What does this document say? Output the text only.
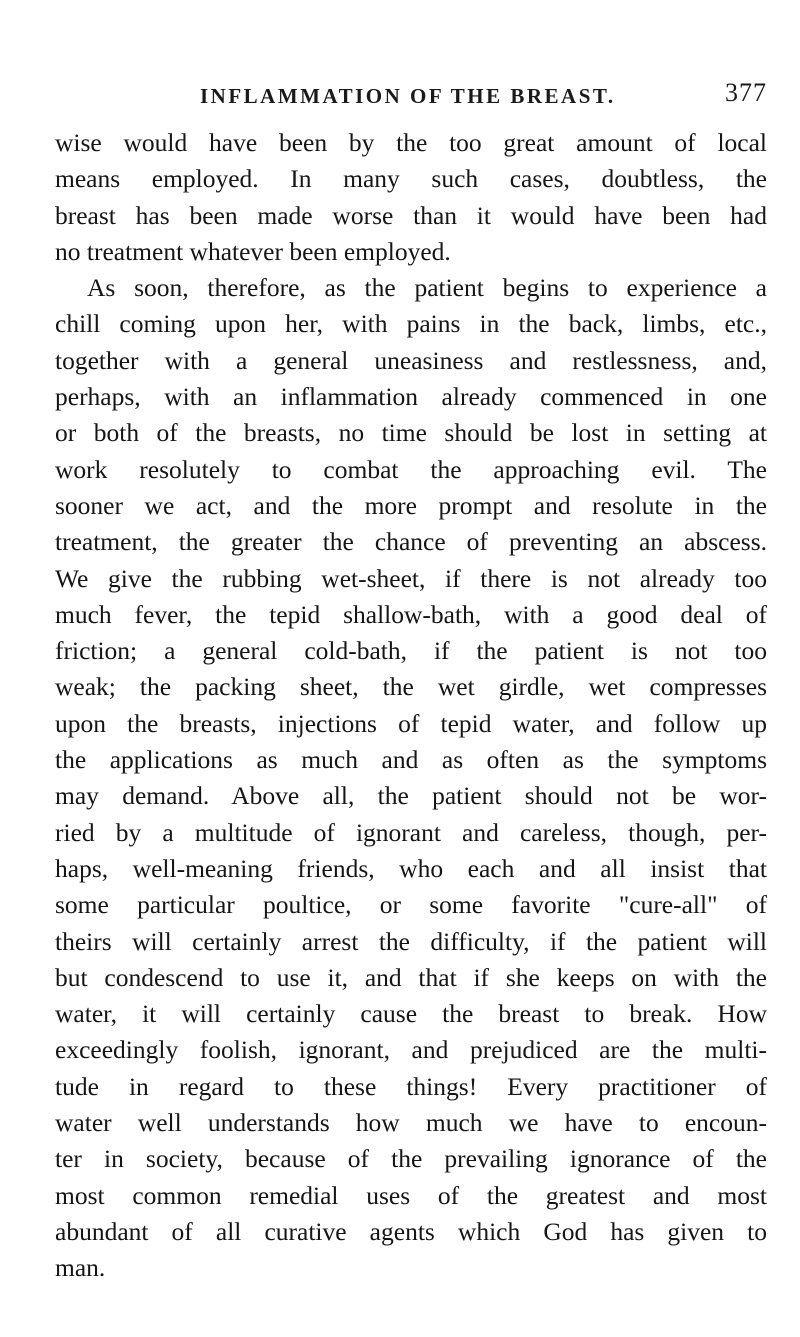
INFLAMMATION OF THE BREAST.	377
wise would have been by the too great amount of local
means employed. In many such cases, doubtless, the
breast has been made worse than it would have been had
no treatment whatever been employed.
As soon, therefore, as the patient begins to experience a
chill coming upon her, with pains in the back, limbs, etc.,
together with a general uneasiness and restlessness, and,
perhaps, with an inflammation already commenced in one
or both of the breasts, no time should be lost in setting at
work resolutely to combat the approaching evil. The
sooner we act, and the more prompt and resolute in the
treatment, the greater the chance of preventing an abscess.
We give the rubbing wet-sheet, if there is not already too
much fever, the tepid shallow-bath, with a good deal of
friction; a general cold-bath, if the patient is not too
weak; the packing sheet, the wet girdle, wet compresses
upon the breasts, injections of tepid water, and follow up
the applications as much and as often as the symptoms
may demand. Above all, the patient should not be wor-
ried by a multitude of ignorant and careless, though, per-
haps, well-meaning friends, who each and all insist that
some particular poultice, or some favorite "cure-all" of
theirs will certainly arrest the difficulty, if the patient will
but condescend to use it, and that if she keeps on with the
water, it will certainly cause the breast to break. How
exceedingly foolish, ignorant, and prejudiced are the multi-
tude in regard to these things! Every practitioner of
water well understands how much we have to encoun-
ter in society, because of the prevailing ignorance of the
most common remedial uses of the greatest and most
abundant of all curative agents which God has given to
man.
